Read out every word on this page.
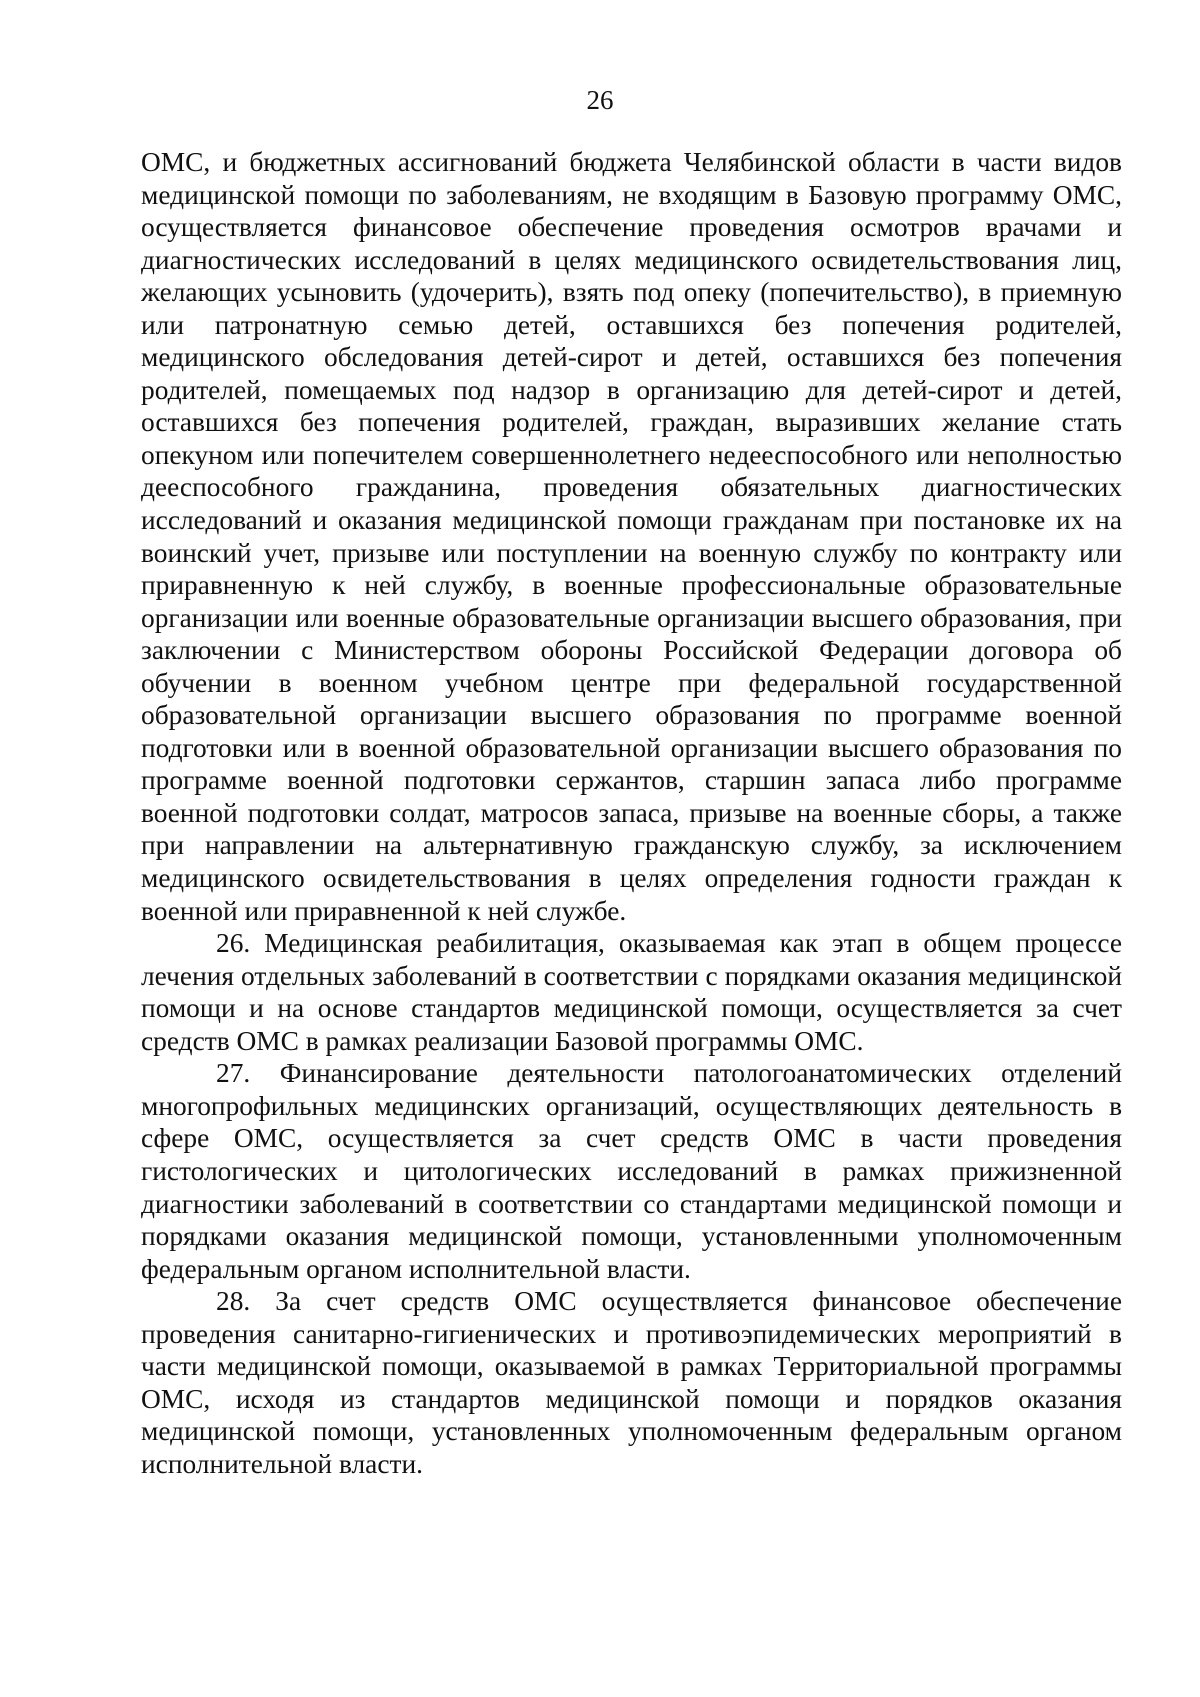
26

ОМС, и бюджетных ассигнований бюджета Челябинской области в части видов медицинской помощи по заболеваниям, не входящим в Базовую программу ОМС, осуществляется финансовое обеспечение проведения осмотров врачами и диагностических исследований в целях медицинского освидетельствования лиц, желающих усыновить (удочерить), взять под опеку (попечительство), в приемную или патронатную семью детей, оставшихся без попечения родителей, медицинского обследования детей-сирот и детей, оставшихся без попечения родителей, помещаемых под надзор в организацию для детей-сирот и детей, оставшихся без попечения родителей, граждан, выразивших желание стать опекуном или попечителем совершеннолетнего недееспособного или неполностью дееспособного гражданина, проведения обязательных диагностических исследований и оказания медицинской помощи гражданам при постановке их на воинский учет, призыве или поступлении на военную службу по контракту или приравненную к ней службу, в военные профессиональные образовательные организации или военные образовательные организации высшего образования, при заключении с Министерством обороны Российской Федерации договора об обучении в военном учебном центре при федеральной государственной образовательной организации высшего образования по программе военной подготовки или в военной образовательной организации высшего образования по программе военной подготовки сержантов, старшин запаса либо программе военной подготовки солдат, матросов запаса, призыве на военные сборы, а также при направлении на альтернативную гражданскую службу, за исключением медицинского освидетельствования в целях определения годности граждан к военной или приравненной к ней службе.

26. Медицинская реабилитация, оказываемая как этап в общем процессе лечения отдельных заболеваний в соответствии с порядками оказания медицинской помощи и на основе стандартов медицинской помощи, осуществляется за счет средств ОМС в рамках реализации Базовой программы ОМС.

27. Финансирование деятельности патологоанатомических отделений многопрофильных медицинских организаций, осуществляющих деятельность в сфере ОМС, осуществляется за счет средств ОМС в части проведения гистологических и цитологических исследований в рамках прижизненной диагностики заболеваний в соответствии со стандартами медицинской помощи и порядками оказания медицинской помощи, установленными уполномоченным федеральным органом исполнительной власти.

28. За счет средств ОМС осуществляется финансовое обеспечение проведения санитарно-гигиенических и противоэпидемических мероприятий в части медицинской помощи, оказываемой в рамках Территориальной программы ОМС, исходя из стандартов медицинской помощи и порядков оказания медицинской помощи, установленных уполномоченным федеральным органом исполнительной власти.
